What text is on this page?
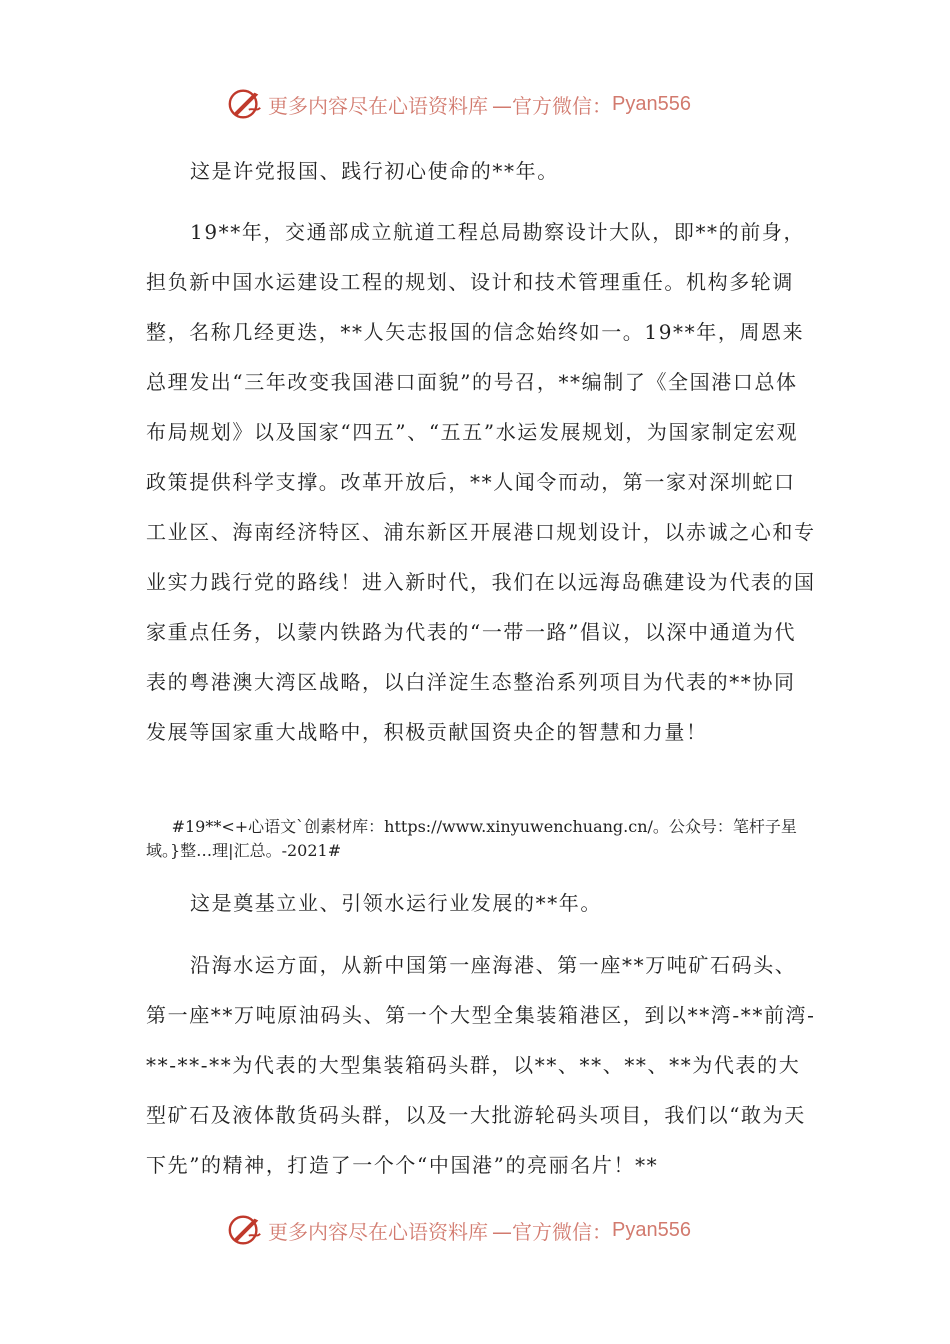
更多内容尽在心语资料库 —官方微信： Pyan556

这是许党报国、践行初心使命的**年。

19**年，交通部成立航道工程总局勘察设计大队，即**的前身，担负新中国水运建设工程的规划、设计和技术管理重任。机构多轮调整，名称几经更迭，**人矢志报国的信念始终如一。19**年，周恩来总理发出“三年改变我国港口面貌”的号召，**编制了《全国港口总体布局规划》以及国家“四五”、“五五”水运发展规划，为国家制定宏观政策提供科学支撑。改革开放后，**人闻令而动，第一家对深圳蛇口工业区、海南经济特区、浦东新区开展港口规划设计，以赤诚之心和专业实力践行党的路线！进入新时代，我们在以远海岛礁建设为代表的国家重点任务，以蒙内铁路为代表的“一带一路”倡议，以深中通道为代表的粤港澳大湾区战略，以白洋淀生态整治系列项目为代表的**协同发展等国家重大战略中，积极贡献国资央企的智慧和力量！

#19**<+心语文`创素材库：https://www.xinyuwenchuang.cn/。公众号：笔杆子星域。}整…理|汇总。-2021#

这是奠基立业、引领水运行业发展的**年。

沿海水运方面，从新中国第一座海港、第一座**万吨矿石码头、第一座**万吨原油码头、第一个大型全集装箱港区，到以**湾-**前湾-**-**-**为代表的大型集装箱码头群，以**、**、**、**为代表的大型矿石及液体散货码头群，以及一大批游轮码头项目，我们以“敢为天下先”的精神，打造了一个个“中国港”的亮丽名片！**

更多内容尽在心语资料库 —官方微信： Pyan556
